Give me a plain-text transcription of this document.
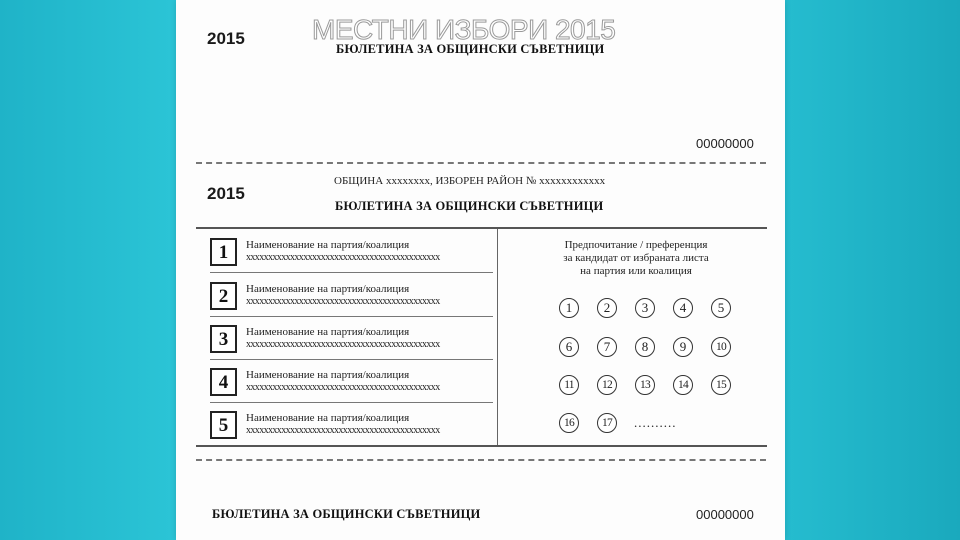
2015
БЮЛЕТИНА ЗА ОБЩИНСКИ СЪВЕТНИЦИ
00000000
2015
ОБЩИНА xxxxxxxx, ИЗБОРЕН РАЙОН № xxxxxxxxxxxx
БЮЛЕТИНА ЗА ОБЩИНСКИ СЪВЕТНИЦИ
1	Наименование на партия/коалиция
xxxxxxxxxxxxxxxxxxxxxxxxxxxxxxxxxxxxxxxxxxxx
2	Наименование на партия/коалиция
xxxxxxxxxxxxxxxxxxxxxxxxxxxxxxxxxxxxxxxxxxxx
3	Наименование на партия/коалиция
xxxxxxxxxxxxxxxxxxxxxxxxxxxxxxxxxxxxxxxxxxxx
4	Наименование на партия/коалиция
xxxxxxxxxxxxxxxxxxxxxxxxxxxxxxxxxxxxxxxxxxxx
5	Наименование на партия/коалиция
xxxxxxxxxxxxxxxxxxxxxxxxxxxxxxxxxxxxxxxxxxxx
Предпочитание / преференция
за кандидат от избраната листа
на партия или коалиция
1	2	3	4	5
6	7	8	9	10
11	12	13	14	15
16	17	..........
БЮЛЕТИНА ЗА ОБЩИНСКИ СЪВЕТНИЦИ	00000000
МЕСТНИ ИЗБОРИ 2015
